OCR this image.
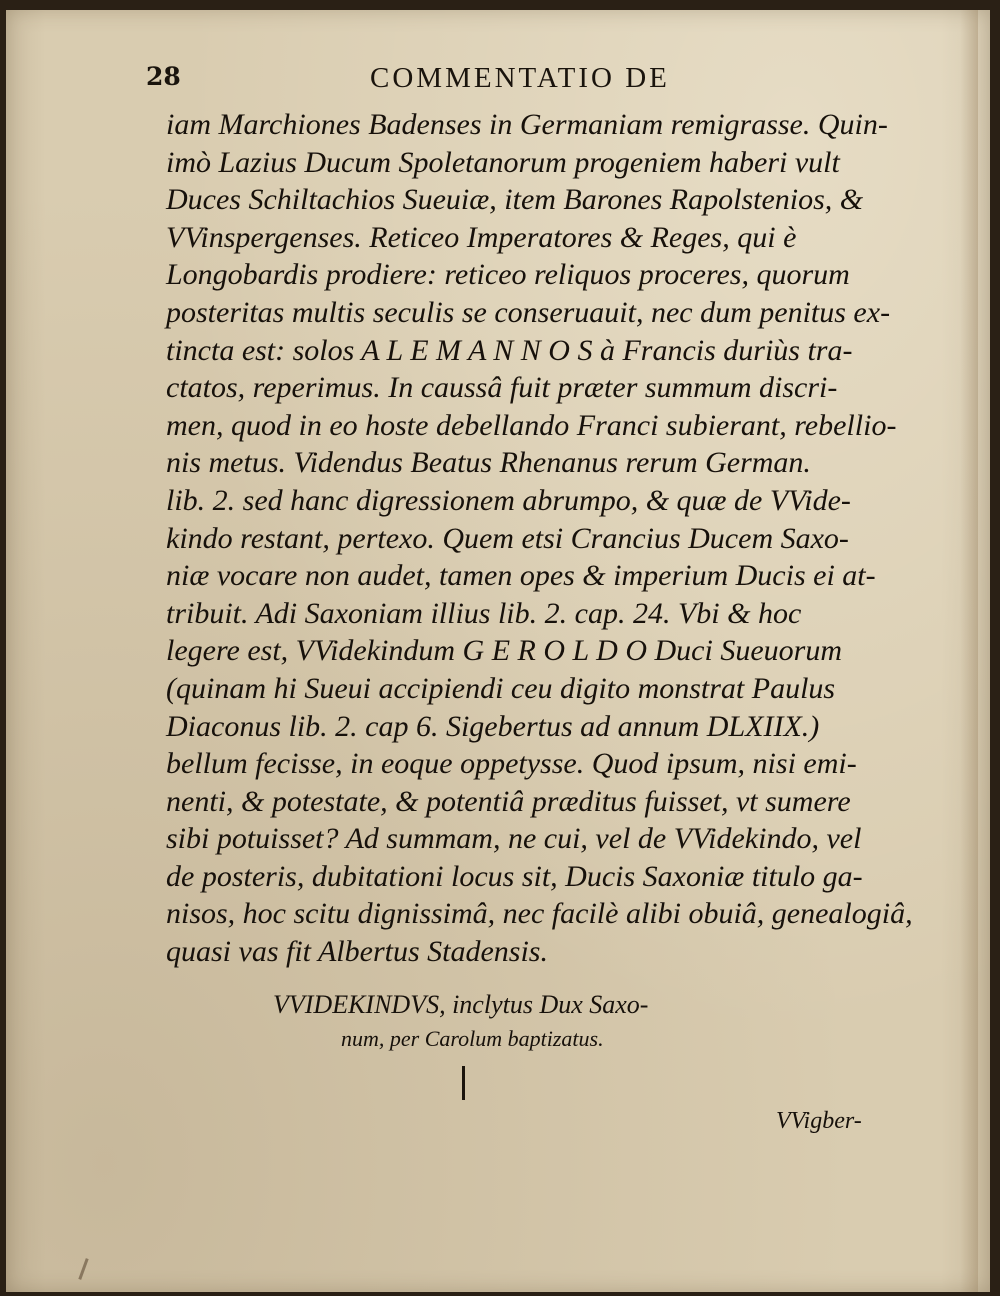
28	COMMENTATIO DE
iam Marchiones Badenses in Germaniam remigrasse. Quin-
imò Lazius Ducum Spoletanorum progeniem haberi vult
Duces Schiltachios Sueuiæ, item Barones Rapolstenios, &
VVinspergenses. Reticeo Imperatores & Reges, qui è
Longobardis prodiere: reticeo reliquos proceres, quorum
posteritas multis seculis se conseruauit, nec dum penitus ex-
tincta est: solos A L E M A N N O S à Francis duriùs tra-
ctatos, reperimus. In caussâ fuit præter summum discri-
men, quod in eo hoste debellando Franci subierant, rebellio-
nis metus. Videndus Beatus Rhenanus rerum German.
lib. 2. sed hanc digressionem abrumpo, & quæ de VVide-
kindo restant, pertexo. Quem etsi Crancius Ducem Saxo-
niæ vocare non audet, tamen opes & imperium Ducis ei at-
tribuit. Adi Saxoniam illius lib. 2. cap. 24. Vbi & hoc
legere est, VVidekindum G E R O L D O Duci Sueuorum
(quinam hi Sueui accipiendi ceu digito monstrat Paulus
Diaconus lib. 2. cap 6. Sigebertus ad annum DLXIIX.)
bellum fecisse, in eoque oppetysse. Quod ipsum, nisi emi-
nenti, & potestate, & potentiâ præditus fuisset, vt sumere
sibi potuisset? Ad summam, ne cui, vel de VVidekindo, vel
de posteris, dubitationi locus sit, Ducis Saxoniæ titulo ga-
nisos, hoc scitu dignissimâ, nec facilè alibi obuiâ, genealogiâ,
quasi vas fit Albertus Stadensis.
VVIDEKINDVS, inclytus Dux Saxo-
num, per Carolum baptizatus.
VVigber-
